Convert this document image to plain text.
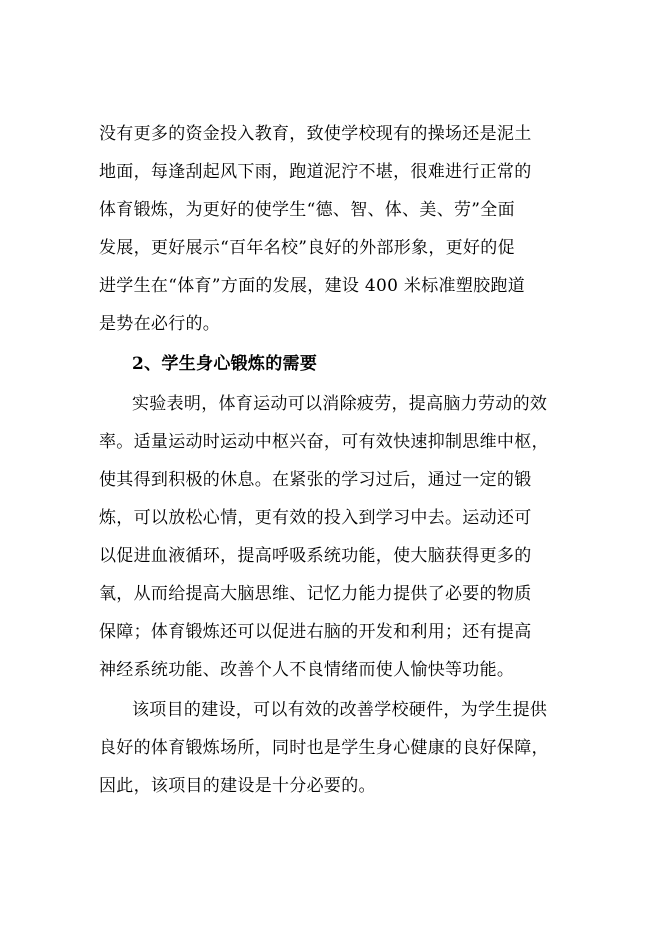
没有更多的资金投入教育，致使学校现有的操场还是泥土
地面，每逢刮起风下雨，跑道泥泞不堪，很难进行正常的
体育锻炼，为更好的使学生“德、智、体、美、劳”全面
发展，更好展示“百年名校”良好的外部形象，更好的促
进学生在“体育”方面的发展，建设 400 米标准塑胶跑道
是势在必行的。
2、学生身心锻炼的需要
实验表明，体育运动可以消除疲劳，提高脑力劳动的效
率。适量运动时运动中枢兴奋，可有效快速抑制思维中枢，
使其得到积极的休息。在紧张的学习过后，通过一定的锻
炼，可以放松心情，更有效的投入到学习中去。运动还可
以促进血液循环，提高呼吸系统功能，使大脑获得更多的
氧，从而给提高大脑思维、记忆力能力提供了必要的物质
保障；体育锻炼还可以促进右脑的开发和利用；还有提高
神经系统功能、改善个人不良情绪而使人愉快等功能。
该项目的建设，可以有效的改善学校硬件，为学生提供
良好的体育锻炼场所，同时也是学生身心健康的良好保障，
因此，该项目的建设是十分必要的。
